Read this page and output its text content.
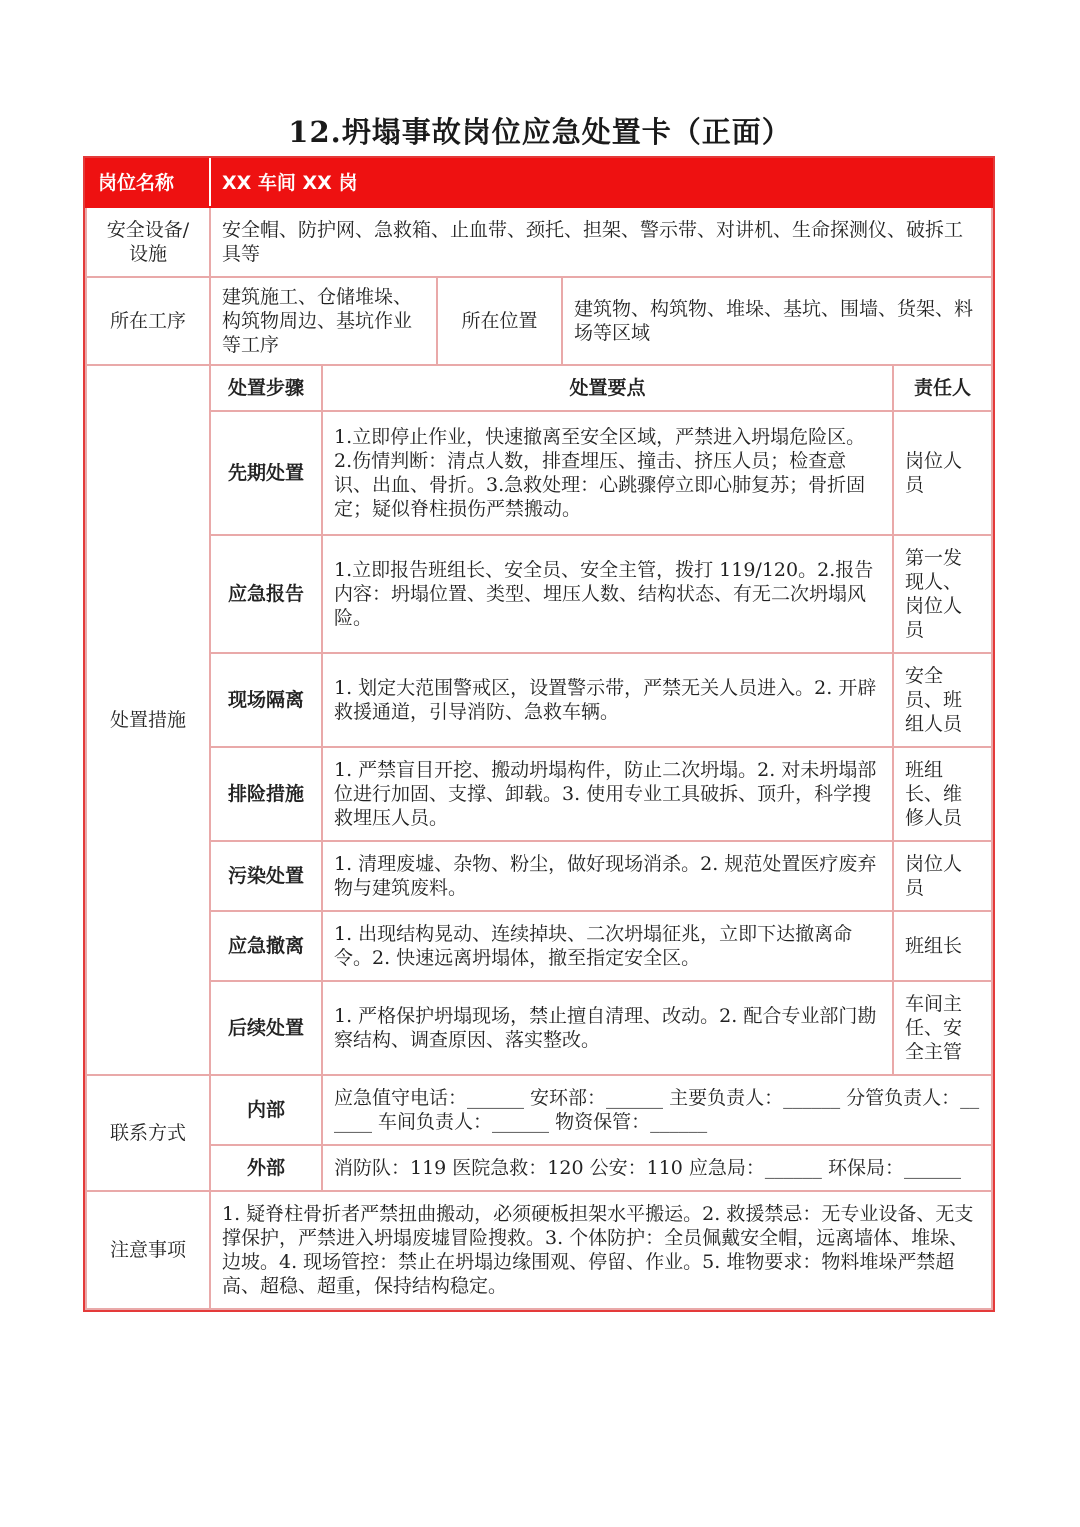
12.坍塌事故岗位应急处置卡（正面）
岗位名称	XX 车间 XX 岗				
安全设备/设施	安全帽、防护网、急救箱、止血带、颈托、担架、警示带、对讲机、生命探测仪、破拆工具等				
所在工序	建筑施工、仓储堆垛、构筑物周边、基坑作业等工序		所在位置	建筑物、构筑物、堆垛、基坑、围墙、货架、料场等区域	
处置措施	处置步骤	处置要点			责任人
	先期处置	1.立即停止作业，快速撤离至安全区域，严禁进入坍塌危险区。2.伤情判断：清点人数，排查埋压、撞击、挤压人员；检查意识、出血、骨折。3.急救处理：心跳骤停立即心肺复苏；骨折固定；疑似脊柱损伤严禁搬动。			岗位人员
	应急报告	1.立即报告班组长、安全员、安全主管，拨打 119/120。2.报告内容：坍塌位置、类型、埋压人数、结构状态、有无二次坍塌风险。			第一发现人、岗位人员
	现场隔离	1. 划定大范围警戒区，设置警示带，严禁无关人员进入。2. 开辟救援通道，引导消防、急救车辆。			安全员、班组人员
	排险措施	1. 严禁盲目开挖、搬动坍塌构件，防止二次坍塌。2. 对未坍塌部位进行加固、支撑、卸载。3. 使用专业工具破拆、顶升，科学搜救埋压人员。			班组长、维修人员
	污染处置	1. 清理废墟、杂物、粉尘，做好现场消杀。2. 规范处置医疗废弃物与建筑废料。			岗位人员
	应急撤离	1. 出现结构晃动、连续掉块、二次坍塌征兆，立即下达撤离命令。2. 快速远离坍塌体，撤至指定安全区。			班组长
	后续处置	1. 严格保护坍塌现场，禁止擅自清理、改动。2. 配合专业部门勘察结构、调查原因、落实整改。			车间主任、安全主管
联系方式	内部	应急值守电话：______ 安环部：______ 主要负责人：______ 分管负责人：______ 车间负责人：______ 物资保管：______			
	外部	消防队：119 医院急救：120 公安：110 应急局：______ 环保局：______			
注意事项	1. 疑脊柱骨折者严禁扭曲搬动，必须硬板担架水平搬运。2. 救援禁忌：无专业设备、无支撑保护，严禁进入坍塌废墟冒险搜救。3. 个体防护：全员佩戴安全帽，远离墙体、堆垛、边坡。4. 现场管控：禁止在坍塌边缘围观、停留、作业。5. 堆物要求：物料堆垛严禁超高、超稳、超重，保持结构稳定。				
